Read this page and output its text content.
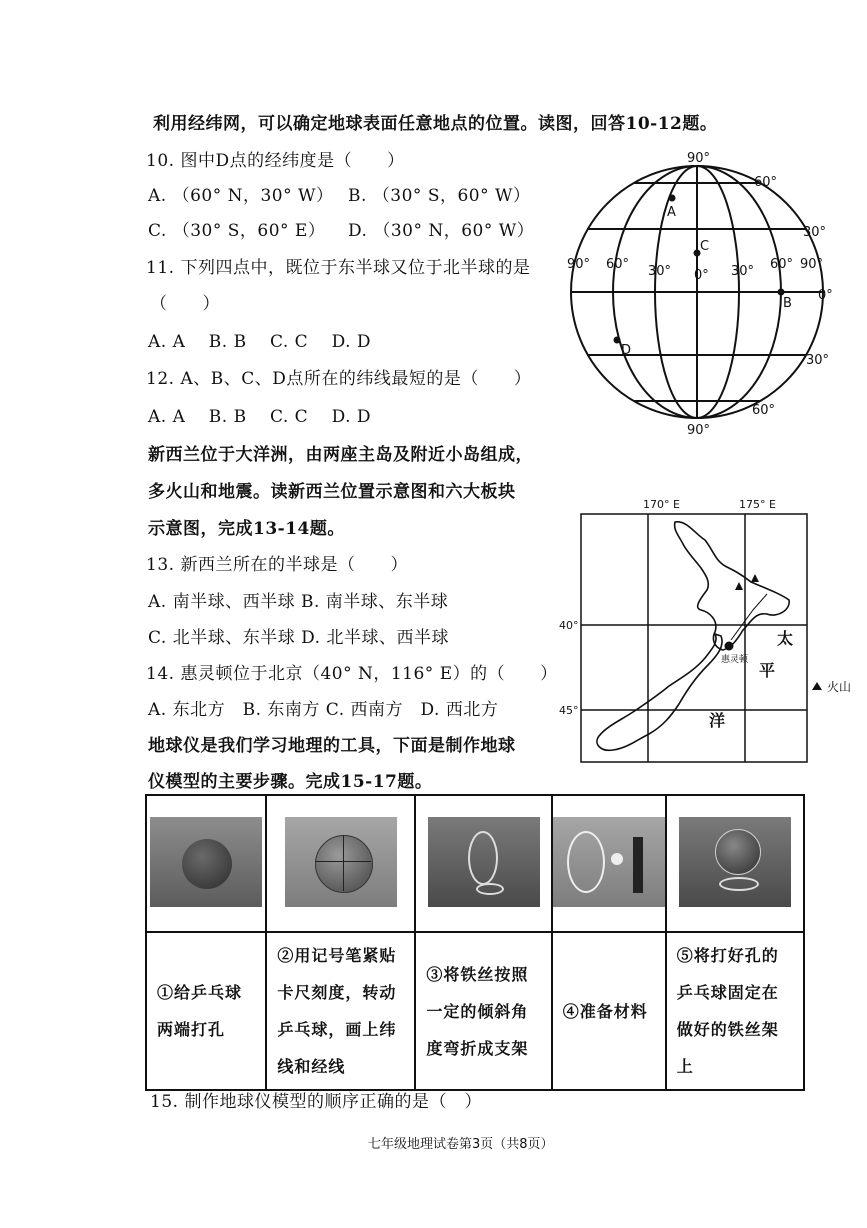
利用经纬网，可以确定地球表面任意地点的位置。读图，回答10-12题。
10. 图中D点的经纬度是（　　）
A. （60° N，30° W） B. （30° S，60° W）
C. （30° S，60° E） D. （30° N，60° W）
11. 下列四点中，既位于东半球又位于北半球的是
（　　）
A. A　 B. B　 C. C　 D. D
12. A、B、C、D点所在的纬线最短的是（　　）
A. A　 B. B　 C. C　 D. D
新西兰位于大洋洲，由两座主岛及附近小岛组成，
多火山和地震。读新西兰位置示意图和六大板块
示意图，完成13-14题。
13. 新西兰所在的半球是（　　）
A. 南半球、西半球 B. 南半球、东半球
C. 北半球、东半球 D. 北半球、西半球
14. 惠灵顿位于北京（40° N，116° E）的（　　）
A. 东北方　B. 东南方 C. 西南方　D. 西北方
地球仪是我们学习地理的工具，下面是制作地球
仪模型的主要步骤。完成15-17题。
90°
90°
60°
30°
0°
30°
60°
90° 60° 30° 0° 30° 60° 90°
A
B
C
D
170° E	175° E
40°
45°
惠灵顿
太
平
洋
火山

①给乒乓球两端打孔	②用记号笔紧贴卡尺刻度，转动乒乓球，画上纬线和经线	③将铁丝按照一定的倾斜角度弯折成支架	④准备材料	⑤将打好孔的乒乓球固定在做好的铁丝架上
15. 制作地球仪模型的顺序正确的是（　）
七年级地理试卷第3页（共8页）
